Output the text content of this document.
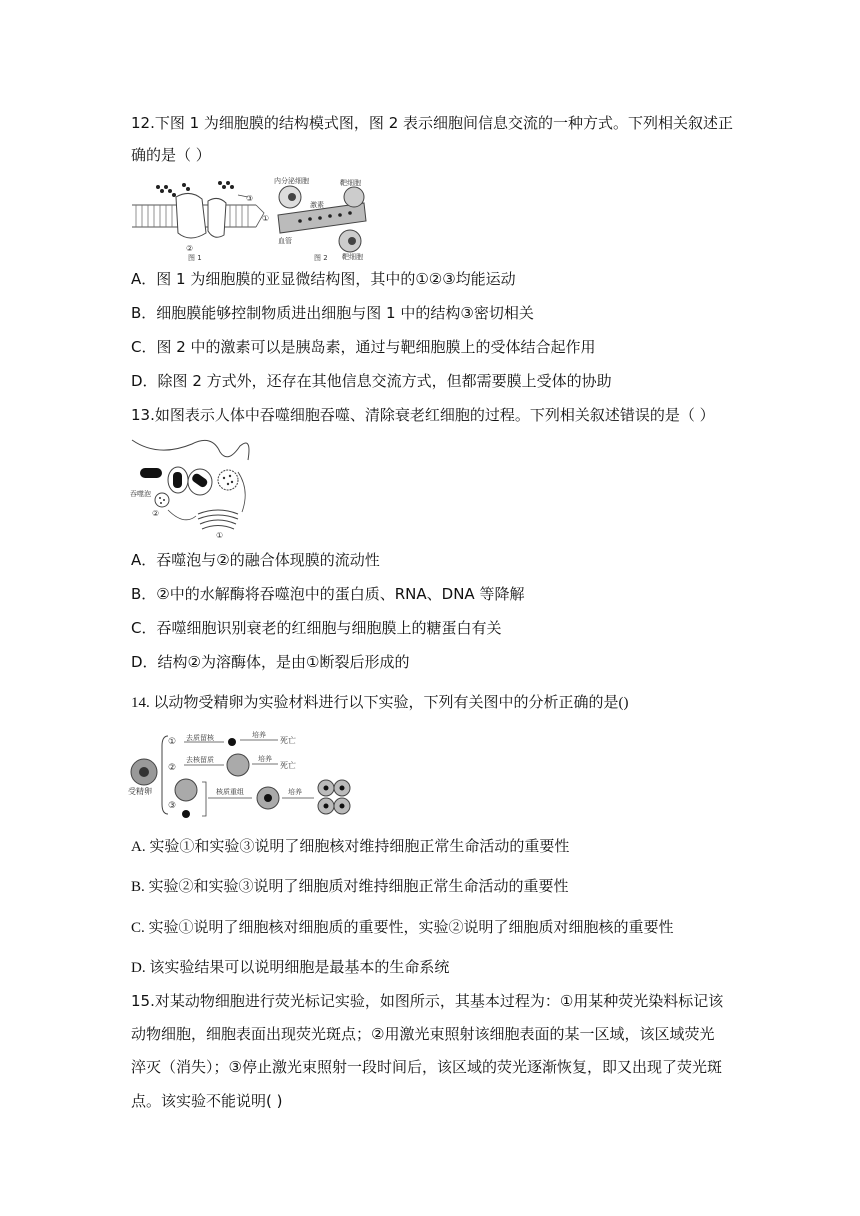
12.下图 1 为细胞膜的结构模式图，图 2 表示细胞间信息交流的一种方式。下列相关叙述正
确的是（ ）
③
①
②
图 1
内分泌细胞
激素
靶细胞
血管
靶细胞
图 2
A．图 1 为细胞膜的亚显微结构图，其中的①②③均能运动
B．细胞膜能够控制物质进出细胞与图 1 中的结构③密切相关
C．图 2 中的激素可以是胰岛素，通过与靶细胞膜上的受体结合起作用
D．除图 2 方式外，还存在其他信息交流方式，但都需要膜上受体的协助
13.如图表示人体中吞噬细胞吞噬、清除衰老红细胞的过程。下列相关叙述错误的是（ ）
吞噬泡
②
①
A．吞噬泡与②的融合体现膜的流动性
B．②中的水解酶将吞噬泡中的蛋白质、RNA、DNA 等降解
C．吞噬细胞识别衰老的红细胞与细胞膜上的糖蛋白有关
D．结构②为溶酶体，是由①断裂后形成的
14. 以动物受精卵为实验材料进行以下实验，下列有关图中的分析正确的是()
受精卵
① 去质留核	培养
死亡
②
去核留质	培养
死亡
③
核质重组	培养
A. 实验①和实验③说明了细胞核对维持细胞正常生命活动的重要性
B. 实验②和实验③说明了细胞质对维持细胞正常生命活动的重要性
C. 实验①说明了细胞核对细胞质的重要性，实验②说明了细胞质对细胞核的重要性
D. 该实验结果可以说明细胞是最基本的生命系统
15.对某动物细胞进行荧光标记实验，如图所示，其基本过程为：①用某种荧光染料标记该
动物细胞，细胞表面出现荧光斑点；②用激光束照射该细胞表面的某一区域，该区域荧光
淬灭（消失）；③停止激光束照射一段时间后，该区域的荧光逐渐恢复，即又出现了荧光斑
点。该实验不能说明( )
